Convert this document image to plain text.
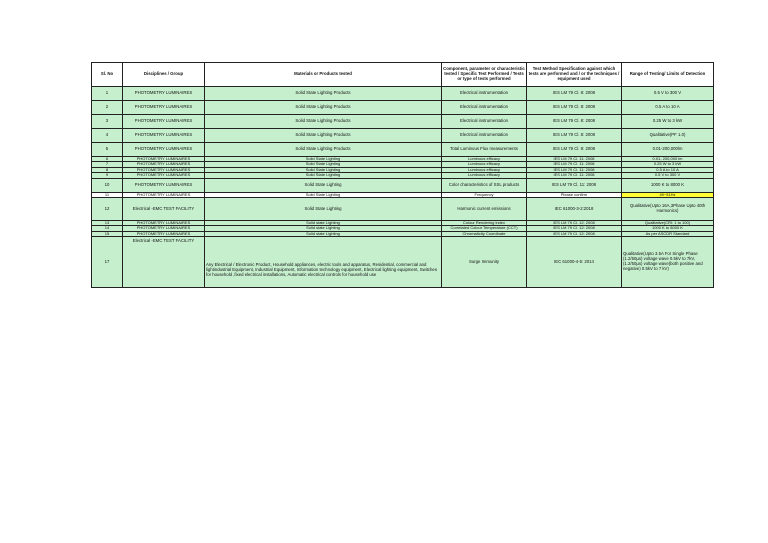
Sl. No	Disciplines / Group	Materials or Products tested	Component, parameter or characteristic tested / Specific Test Performed / Tests or type of tests performed	Test Method Specification against which tests are performed and / or the techniques / equipment used	Range of Testing/ Limits of Detection
1	PHOTOMETRY LUMINAIRES	Solid State Lighting Products	Electrical instrumentation	IES LM 79 Cl. 8: 2008	0.5 V to 300 V
2	PHOTOMETRY LUMINAIRES	Solid State Lighting Products	Electrical instrumentation	IES LM 79 Cl. 8: 2008	0.5 A to 10 A
3	PHOTOMETRY LUMINAIRES	Solid State Lighting Products	Electrical instrumentation	IES LM 79 Cl. 8: 2008	0.25 W to 3 kW
4	PHOTOMETRY LUMINAIRES	Solid State Lighting Products	Electrical instrumentation	IES LM 79 Cl. 8: 2008	Qualitative(PF 1.0)
5	PHOTOMETRY LUMINAIRES	Solid State Lighting Products	Total Luminous Flux measurements	IES LM 79 Cl. 9: 2008	0.01-200,000lm
6	PHOTOMETRY LUMINAIRES	Solid State Lighting	Luminous efficacy	IES LM 79 Cl. 11: 2008	0.01- 200,000 lm
7	PHOTOMETRY LUMINAIRES	Solid State Lighting	Luminous efficacy	IES LM 79 Cl. 11: 2008	0.25 W to 3 kW
8	PHOTOMETRY LUMINAIRES	Solid State Lighting	Luminous efficacy	IES LM 79 Cl. 11: 2008	0.5 A to 10 A
9	PHOTOMETRY LUMINAIRES	Solid State Lighting	Luminous efficacy	IES LM 79 Cl. 11: 2008	0.5 V to 300 V
10	PHOTOMETRY LUMINAIRES	Solid State Lighting	Color characteristics of SSL products	IES LM 79 Cl. 11: 2008	1000 K to 8000 K
11	PHOTOMETRY LUMINAIRES	Solid State Lighting	Frequency	Please confirm	49~51Hz
12	Electrical -EMC TEST FACILITY	Solid State Lighting	Harmonic current emissions	IEC 61000-3-2:2018	Qualitative(Upto 16A,3Phase Upto 40th Harmonics)
13	PHOTOMETRY LUMINAIRES	Solid state Lighting	Colour Rendering index	IES LM 79 Cl. 12: 2008	Qualitative(CRI: 1 to 100)
14	PHOTOMETRY LUMINAIRES	Solid state Lighting	Correlated Colour Temperature (CCT)	IES LM 79 Cl. 12: 2008	1000 K to 8000 K
15	PHOTOMETRY LUMINAIRES	Solid state Lighting	Chromaticity Coordinate	IES LM 79 Cl. 12: 2008	As per ASCDR Standard
17	Electrical -EMC TEST FACILITY	Any Electrical / Electronic Product, Household appliances, electric tools and apparatus, Residential, commercial and lightindustrial Equipment, Industrial Equipment, Information technology equipment, Electrical lighting equipment, Switches for household ,fixed electrical installations, Automatic electrical controls for household use	Surge Immunity	IEC 61000-4-5: 2014	Qualitative(Upto 3.5A For Single Phase (1.2/50µs) voltage wave 0.5kV to 7kV, (1.2/50µs) voltage wave(both positive and negative) 0.5kV to 7 kV)
